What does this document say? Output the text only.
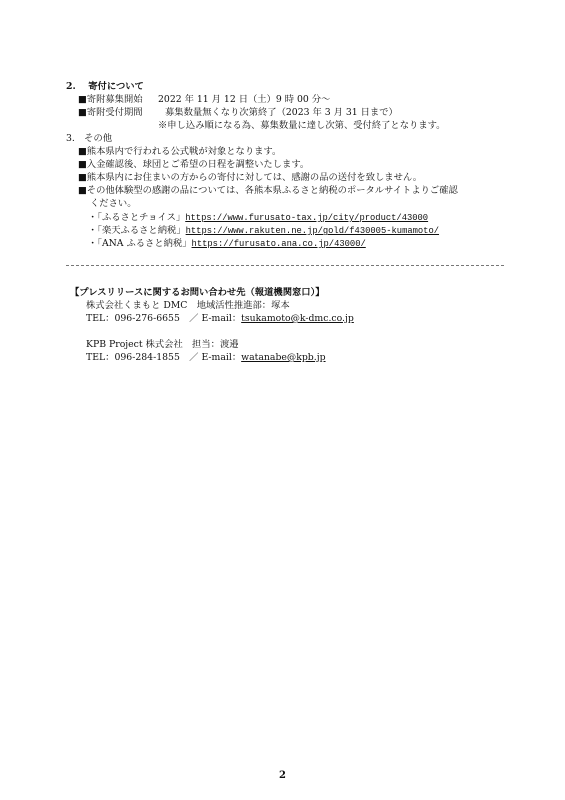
2.　 寄付について
■寄附募集開始 2022 年 11 月 12 日（土）9 時 00 分～
■寄附受付期間 募集数量無くなり次第終了（2023 年 3 月 31 日まで）
※申し込み順になる為、募集数量に達し次第、受付終了となります。
3.　その他
■熊本県内で行われる公式戦が対象となります。
■入金確認後、球団とご希望の日程を調整いたします。
■熊本県内にお住まいの方からの寄付に対しては、感謝の品の送付を致しません。
■その他体験型の感謝の品については、各熊本県ふるさと納税のポータルサイトよりご確認
ください。
・「ふるさとチョイス」https://www.furusato-tax.jp/city/product/43000
・「楽天ふるさと納税」https://www.rakuten.ne.jp/gold/f430005-kumamoto/
・「ANA ふるさと納税」https://furusato.ana.co.jp/43000/
【プレスリリースに関するお問い合わせ先（報道機関窓口）】
株式会社くまもと DMC　地域活性推進部：塚本
TEL：096-276-6655　／ E-mail：tsukamoto@k-dmc.co.jp
KPB Project 株式会社　担当：渡邉
TEL：096-284-1855　／ E-mail：watanabe@kpb.jp
2
